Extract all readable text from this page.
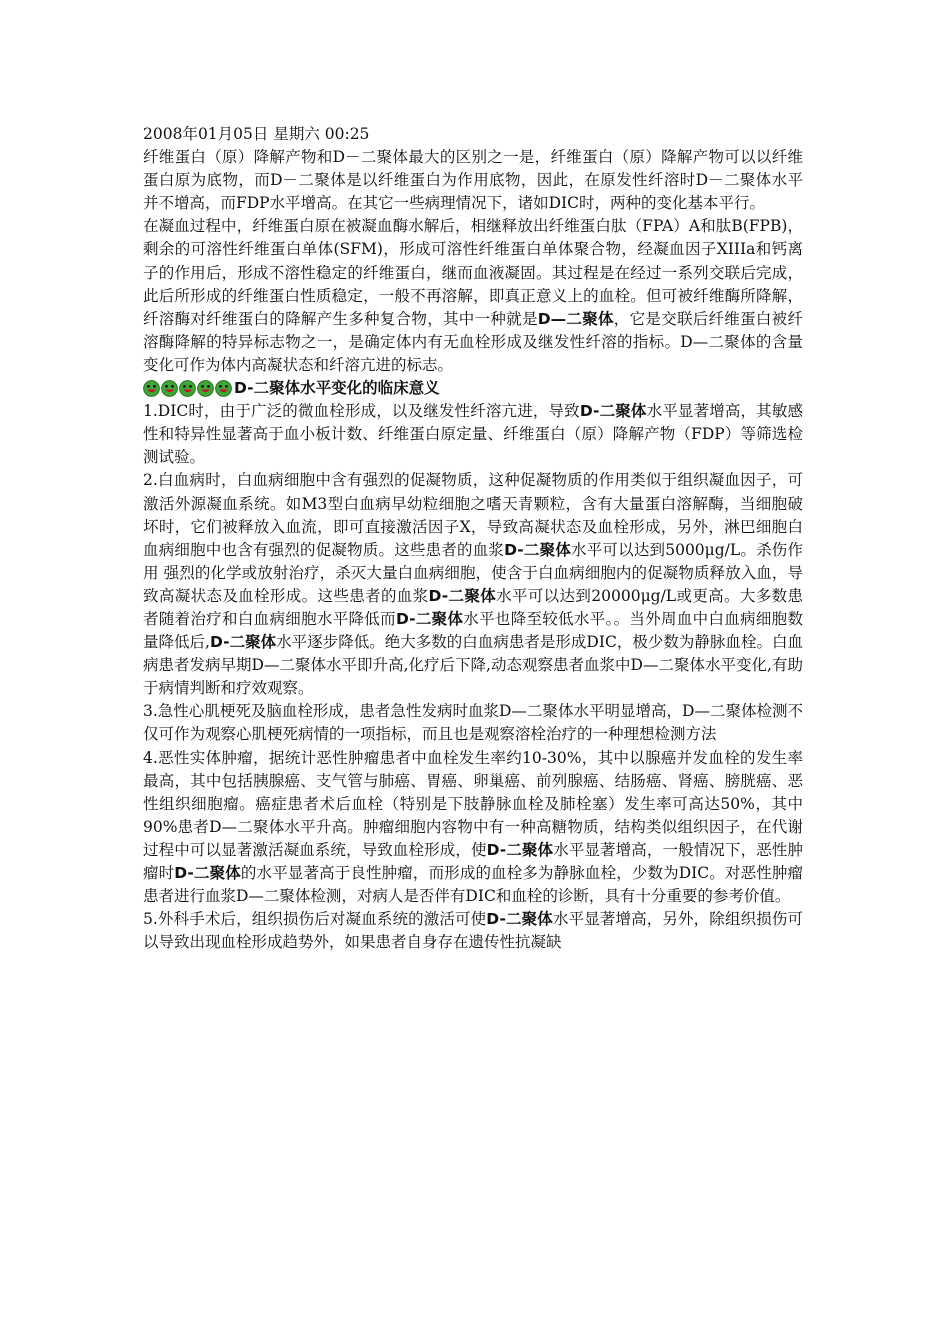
2008年01月05日 星期六 00:25

纤维蛋白（原）降解产物和D－二聚体最大的区别之一是，纤维蛋白（原）降解产物可以以纤维蛋白原为底物，而D－二聚体是以纤维蛋白为作用底物，因此，在原发性纤溶时D－二聚体水平并不增高，而FDP水平增高。在其它一些病理情况下，诸如DIC时，两种的变化基本平行。

在凝血过程中，纤维蛋白原在被凝血酶水解后，相继释放出纤维蛋白肽（FPA）A和肽B(FPB)，剩余的可溶性纤维蛋白单体(SFM)，形成可溶性纤维蛋白单体聚合物，经凝血因子XIIIa和钙离子的作用后，形成不溶性稳定的纤维蛋白，继而血液凝固。其过程是在经过一系列交联后完成，此后所形成的纤维蛋白性质稳定，一般不再溶解，即真正意义上的血栓。但可被纤维酶所降解，纤溶酶对纤维蛋白的降解产生多种复合物，其中一种就是D—二聚体，它是交联后纤维蛋白被纤溶酶降解的特异标志物之一，是确定体内有无血栓形成及继发性纤溶的指标。D—二聚体的含量变化可作为体内高凝状态和纤溶亢进的标志。

D-二聚体水平变化的临床意义

1.DIC时，由于广泛的微血栓形成，以及继发性纤溶亢进，导致D-二聚体水平显著增高，其敏感性和特异性显著高于血小板计数、纤维蛋白原定量、纤维蛋白（原）降解产物（FDP）等筛选检测试验。

2.白血病时，白血病细胞中含有强烈的促凝物质，这种促凝物质的作用类似于组织凝血因子，可激活外源凝血系统。如M3型白血病早幼粒细胞之嗜天青颗粒，含有大量蛋白溶解酶，当细胞破坏时，它们被释放入血流，即可直接激活因子X，导致高凝状态及血栓形成，另外，淋巴细胞白血病细胞中也含有强烈的促凝物质。这些患者的血浆D-二聚体水平可以达到5000μg/L。杀伤作用 强烈的化学或放射治疗，杀灭大量白血病细胞，使含于白血病细胞内的促凝物质释放入血，导致高凝状态及血栓形成。这些患者的血浆D-二聚体水平可以达到20000μg/L或更高。大多数患者随着治疗和白血病细胞水平降低而D-二聚体水平也降至较低水平。。当外周血中白血病细胞数量降低后,D-二聚体水平逐步降低。绝大多数的白血病患者是形成DIC，极少数为静脉血栓。白血病患者发病早期D—二聚体水平即升高,化疗后下降,动态观察患者血浆中D—二聚体水平变化,有助于病情判断和疗效观察。

3.急性心肌梗死及脑血栓形成，患者急性发病时血浆D—二聚体水平明显增高，D—二聚体检测不仅可作为观察心肌梗死病情的一项指标，而且也是观察溶栓治疗的一种理想检测方法

4.恶性实体肿瘤，据统计恶性肿瘤患者中血栓发生率约10-30%，其中以腺癌并发血栓的发生率最高，其中包括胰腺癌、支气管与肺癌、胃癌、卵巢癌、前列腺癌、结肠癌、肾癌、膀胱癌、恶性组织细胞瘤。癌症患者术后血栓（特别是下肢静脉血栓及肺栓塞）发生率可高达50%，其中90%患者D—二聚体水平升高。肿瘤细胞内容物中有一种高糖物质，结构类似组织因子，在代谢过程中可以显著激活凝血系统，导致血栓形成，使D-二聚体水平显著增高，一般情况下，恶性肿瘤时D-二聚体的水平显著高于良性肿瘤，而形成的血栓多为静脉血栓，少数为DIC。对恶性肿瘤患者进行血浆D—二聚体检测，对病人是否伴有DIC和血栓的诊断，具有十分重要的参考价值。

5.外科手术后，组织损伤后对凝血系统的激活可使D-二聚体水平显著增高，另外，除组织损伤可以导致出现血栓形成趋势外，如果患者自身存在遗传性抗凝缺
